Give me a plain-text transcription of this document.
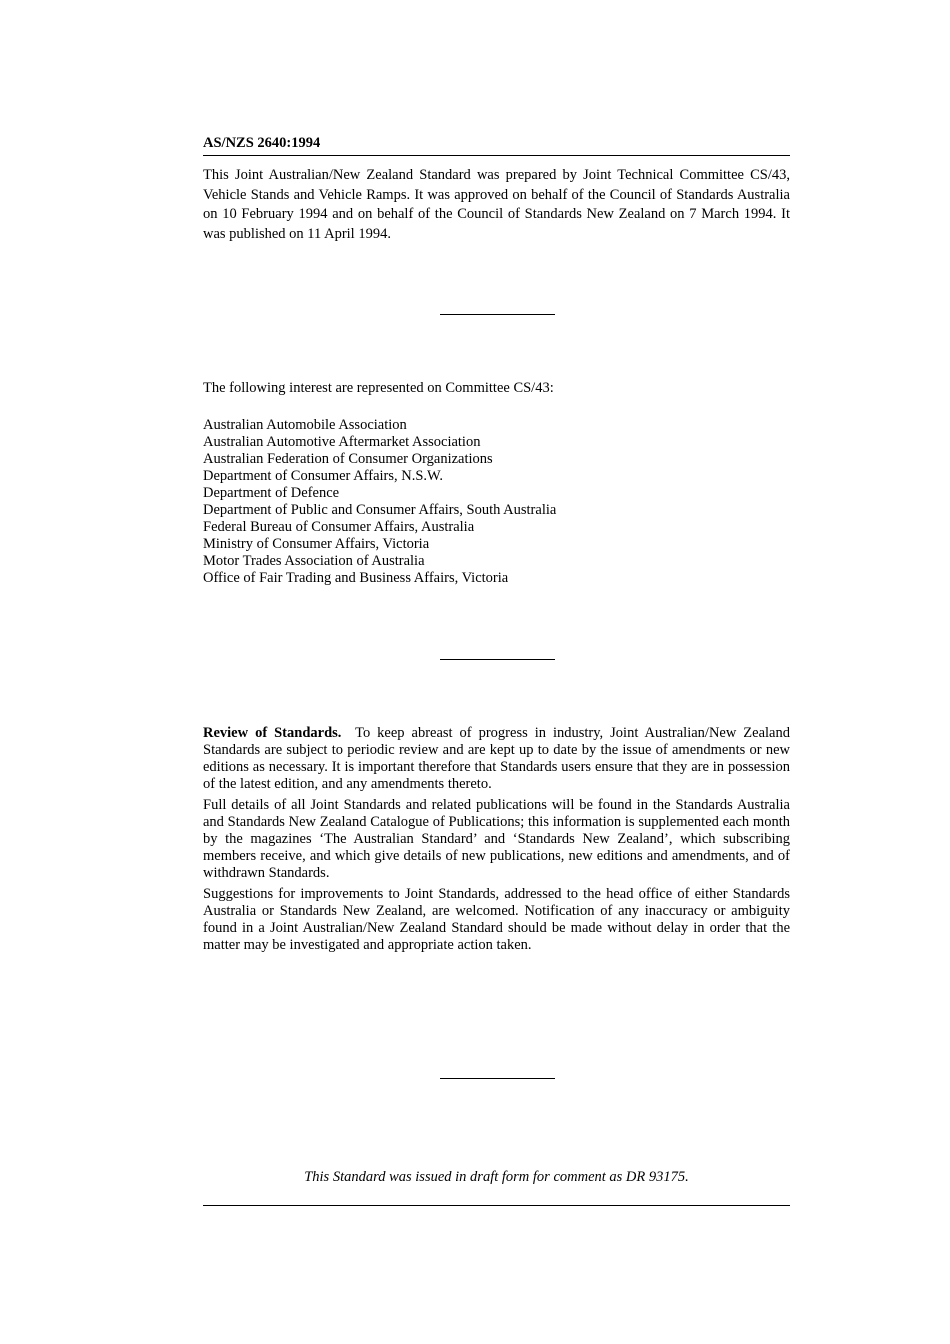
AS/NZS 2640:1994

This Joint Australian/New Zealand Standard was prepared by Joint Technical Committee CS/43, Vehicle Stands and Vehicle Ramps. It was approved on behalf of the Council of Standards Australia on 10 February 1994 and on behalf of the Council of Standards New Zealand on 7 March 1994. It was published on 11 April 1994.

The following interest are represented on Committee CS/43:

Australian Automobile Association
Australian Automotive Aftermarket Association
Australian Federation of Consumer Organizations
Department of Consumer Affairs, N.S.W.
Department of Defence
Department of Public and Consumer Affairs, South Australia
Federal Bureau of Consumer Affairs, Australia
Ministry of Consumer Affairs, Victoria
Motor Trades Association of Australia
Office of Fair Trading and Business Affairs, Victoria

Review of Standards. To keep abreast of progress in industry, Joint Australian/New Zealand Standards are subject to periodic review and are kept up to date by the issue of amendments or new editions as necessary. It is important therefore that Standards users ensure that they are in possession of the latest edition, and any amendments thereto.

Full details of all Joint Standards and related publications will be found in the Standards Australia and Standards New Zealand Catalogue of Publications; this information is supplemented each month by the magazines ‘The Australian Standard’ and ‘Standards New Zealand’, which subscribing members receive, and which give details of new publications, new editions and amendments, and of withdrawn Standards.

Suggestions for improvements to Joint Standards, addressed to the head office of either Standards Australia or Standards New Zealand, are welcomed. Notification of any inaccuracy or ambiguity found in a Joint Australian/New Zealand Standard should be made without delay in order that the matter may be investigated and appropriate action taken.

This Standard was issued in draft form for comment as DR 93175.
